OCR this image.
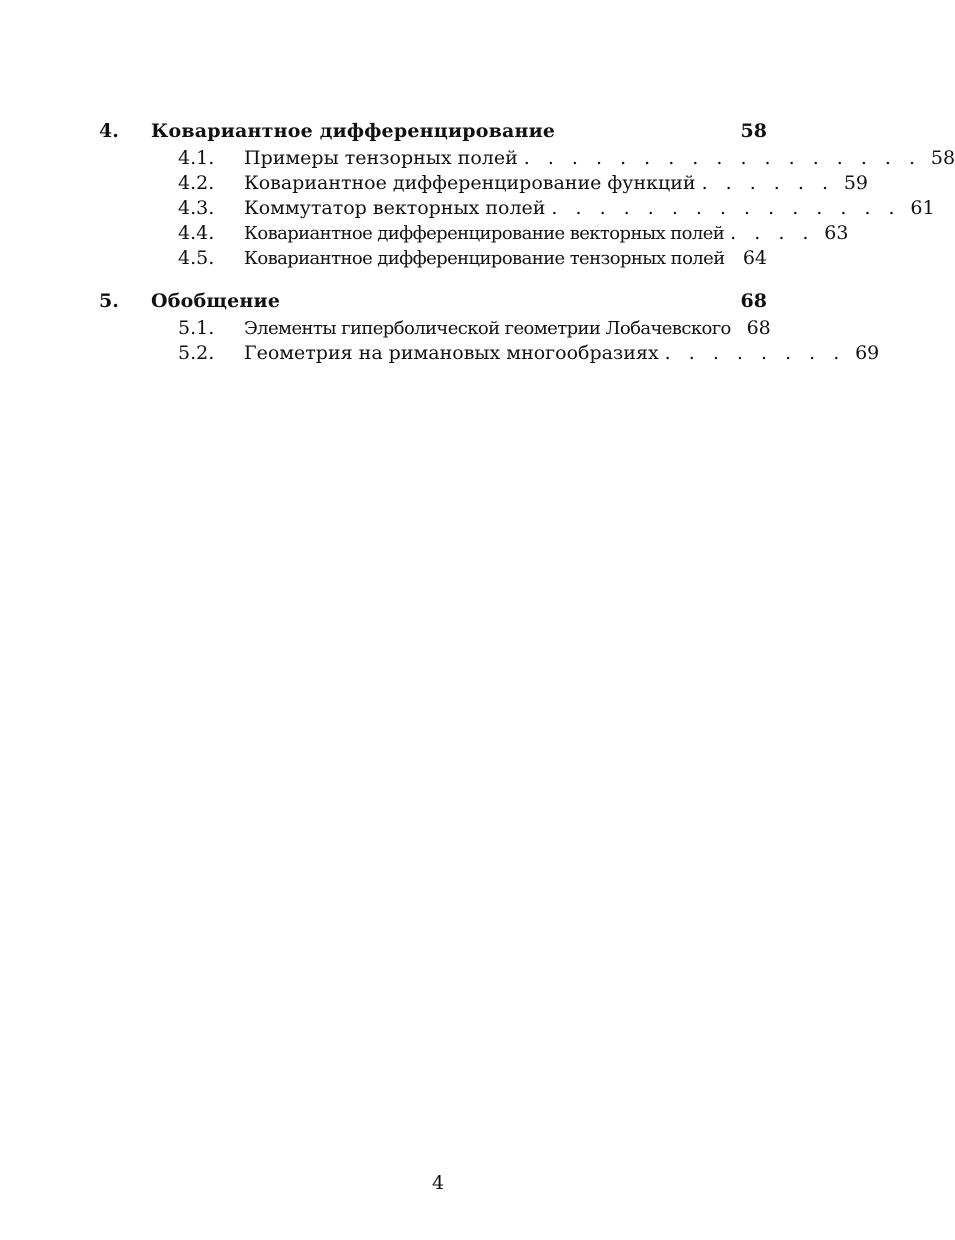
4.	Ковариантное дифференцирование	58
4.1.	Примеры тензорных полей . . . . . . . . . . . . . . . . . 58
4.2.	Ковариантное дифференцирование функций . . . . . . 59
4.3.	Коммутатор векторных полей . . . . . . . . . . . . . . . 61
4.4.	Ковариантное дифференцирование векторных полей . . . . 63
4.5.	Ковариантное дифференцирование тензорных полей 64
5.	Обобщение	68
5.1.	Элементы гиперболической геометрии Лобачевского 68
5.2.	Геометрия на римановых многообразиях . . . . . . . . 69
4
